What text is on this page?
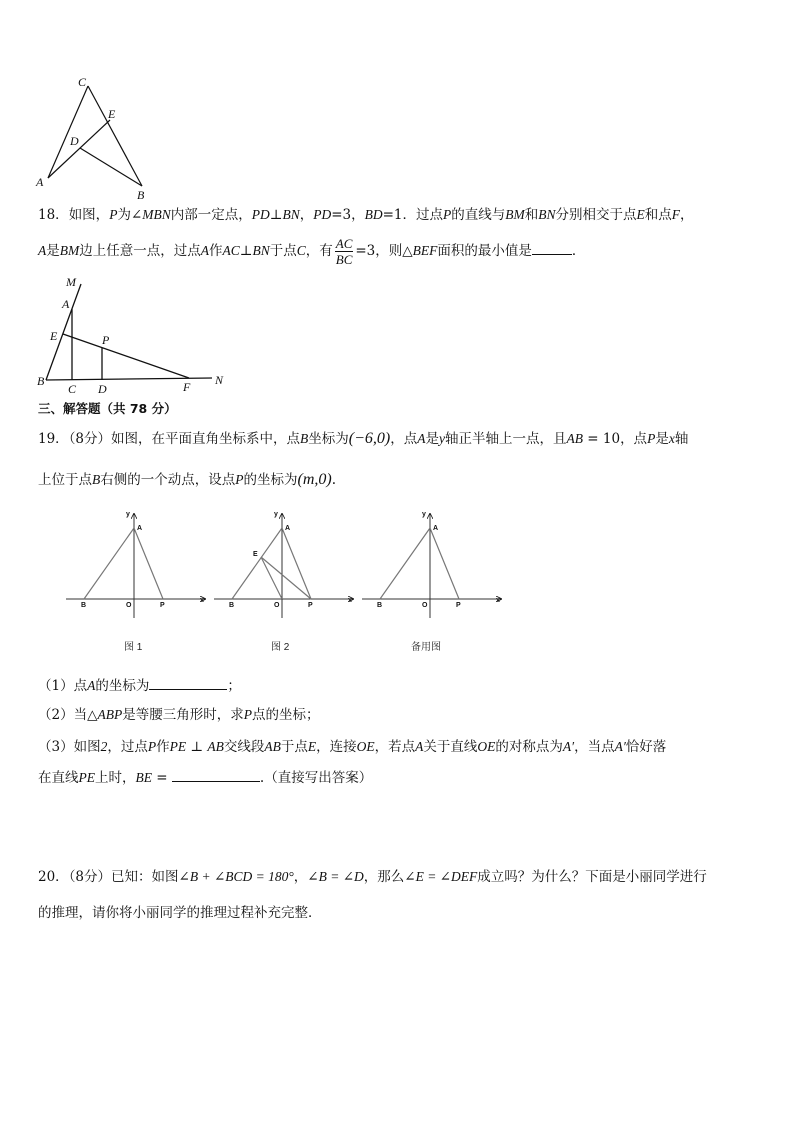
C
E
D
A
B
18．如图，P为∠MBN内部一定点，PD⊥BN，PD=3，BD=1．过点P的直线与BM和BN分别相交于点E和点F，
A是BM边上任意一点，过点A作AC⊥BN于点C，有 $\frac{AC}{BC} =3$，则△BEF面积的最小值是	．
M
A
E	P
B
C D	F N
三、解答题（共 78 分）
19．（8分）如图，在平面直角坐标系中，点B坐标为(−6,0)，点A是y轴正半轴上一点，且AB = 10，点P是x轴
上位于点B右侧的一个动点，设点P的坐标为(m,0).
y
A
B	O	P
x
图 1
y
A
E
B	O	P
x
图 2
y
A
B	O	P
x
备用图
（1）点A的坐标为	；
（2）当△ABP是等腰三角形时，求P点的坐标；
（3）如图2，过点P作PE ⊥ AB交线段AB于点E，连接OE，若点A关于直线OE的对称点为A′，当点A′恰好落
在直线PE上时，BE =	.（直接写出答案）
20．（8分）已知：如图∠B + ∠BCD = 180°，∠B = ∠D，那么∠E = ∠DEF成立吗？为什么？下面是小丽同学进行
的推理，请你将小丽同学的推理过程补充完整．
